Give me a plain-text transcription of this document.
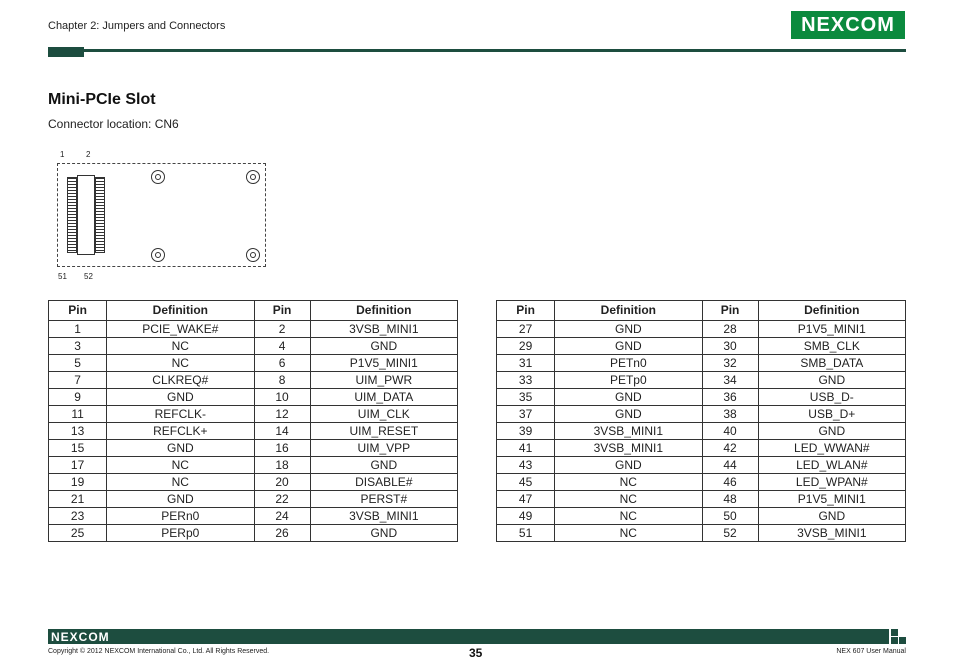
Chapter 2: Jumpers and Connectors	NEXCOM
Mini-PCIe Slot
Connector location: CN6
1	2
51 52
Pin	Definition	Pin	Definition
1	PCIE_WAKE#	2	3VSB_MINI1
3	NC	4	GND
5	NC	6	P1V5_MINI1
7	CLKREQ#	8	UIM_PWR
9	GND	10	UIM_DATA
11	REFCLK-	12	UIM_CLK
13	REFCLK+	14	UIM_RESET
15	GND	16	UIM_VPP
17	NC	18	GND
19	NC	20	DISABLE#
21	GND	22	PERST#
23	PERn0	24	3VSB_MINI1
25	PERp0	26	GND
Pin	Definition	Pin	Definition
27	GND	28	P1V5_MINI1
29	GND	30	SMB_CLK
31	PETn0	32	SMB_DATA
33	PETp0	34	GND
35	GND	36	USB_D-
37	GND	38	USB_D+
39	3VSB_MINI1	40	GND
41	3VSB_MINI1	42	LED_WWAN#
43	GND	44	LED_WLAN#
45	NC	46	LED_WPAN#
47	NC	48	P1V5_MINI1
49	NC	50	GND
51	NC	52	3VSB_MINI1
NEXCOM
Copyright © 2012 NEXCOM International Co., Ltd. All Rights Reserved.	35	NEX 607 User Manual
